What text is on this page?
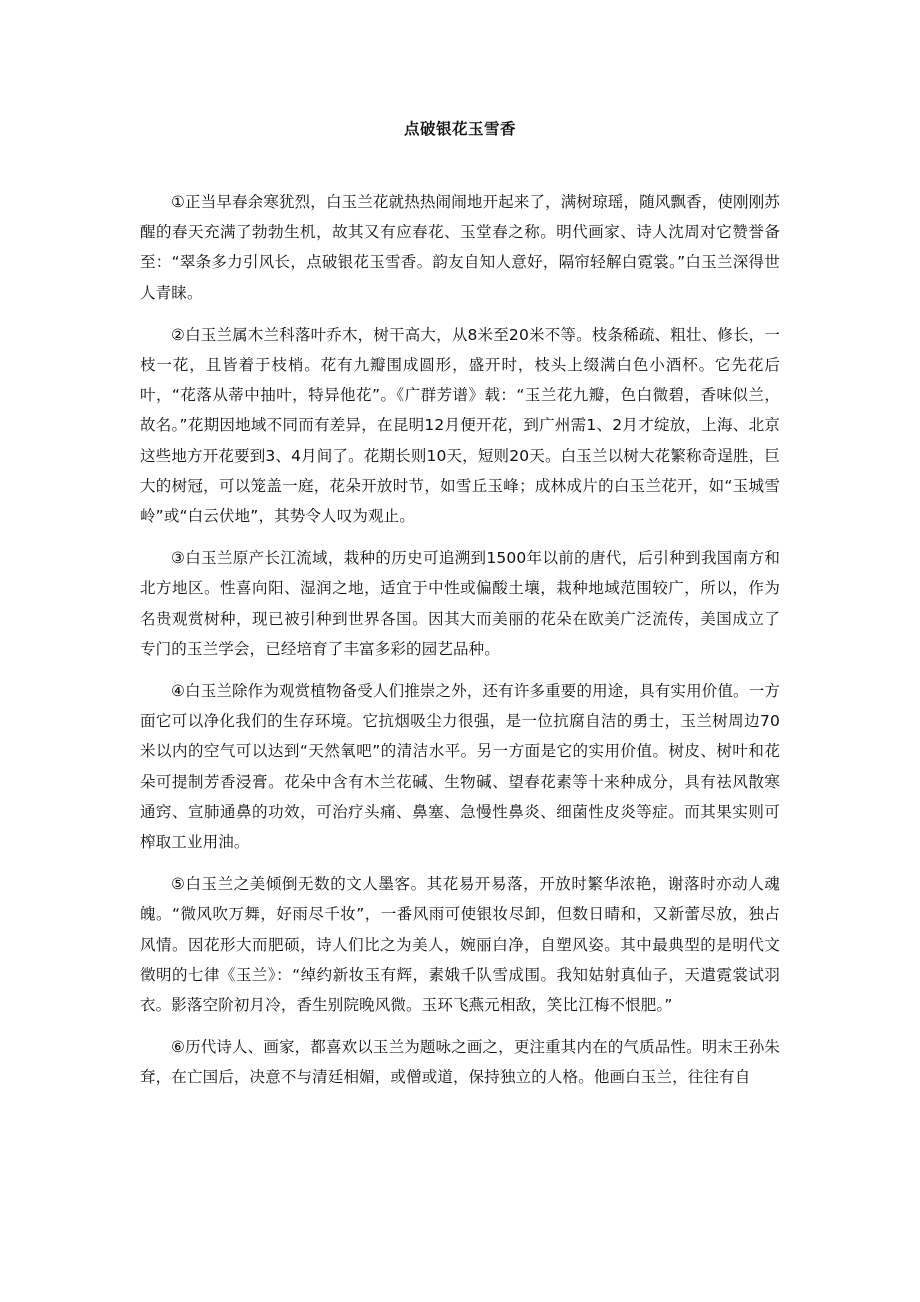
点破银花玉雪香

①正当早春余寒犹烈，白玉兰花就热热闹闹地开起来了，满树琼瑶，随风飘香，使刚刚苏醒的春天充满了勃勃生机，故其又有应春花、玉堂春之称。明代画家、诗人沈周对它赞誉备至：“翠条多力引风长，点破银花玉雪香。韵友自知人意好，隔帘轻解白霓裳。”白玉兰深得世人青睐。

②白玉兰属木兰科落叶乔木，树干高大，从8米至20米不等。枝条稀疏、粗壮、修长，一枝一花，且皆着于枝梢。花有九瓣围成圆形，盛开时，枝头上缀满白色小酒杯。它先花后叶，“花落从蒂中抽叶，特异他花”。《广群芳谱》载：“玉兰花九瓣，色白微碧，香味似兰，故名。”花期因地域不同而有差异，在昆明12月便开花，到广州需1、2月才绽放，上海、北京这些地方开花要到3、4月间了。花期长则10天，短则20天。白玉兰以树大花繁称奇逞胜，巨大的树冠，可以笼盖一庭，花朵开放时节，如雪丘玉峰；成林成片的白玉兰花开，如“玉城雪岭”或“白云伏地”，其势令人叹为观止。

③白玉兰原产长江流域，栽种的历史可追溯到1500年以前的唐代，后引种到我国南方和北方地区。性喜向阳、湿润之地，适宜于中性或偏酸土壤，栽种地域范围较广，所以，作为名贵观赏树种，现已被引种到世界各国。因其大而美丽的花朵在欧美广泛流传，美国成立了专门的玉兰学会，已经培育了丰富多彩的园艺品种。

④白玉兰除作为观赏植物备受人们推崇之外，还有许多重要的用途，具有实用价值。一方面它可以净化我们的生存环境。它抗烟吸尘力很强，是一位抗腐自洁的勇士，玉兰树周边70米以内的空气可以达到“天然氧吧”的清洁水平。另一方面是它的实用价值。树皮、树叶和花朵可提制芳香浸膏。花朵中含有木兰花碱、生物碱、望春花素等十来种成分，具有祛风散寒通窍、宣肺通鼻的功效，可治疗头痛、鼻塞、急慢性鼻炎、细菌性皮炎等症。而其果实则可榨取工业用油。

⑤白玉兰之美倾倒无数的文人墨客。其花易开易落，开放时繁华浓艳，谢落时亦动人魂魄。“微风吹万舞，好雨尽千妆”，一番风雨可使银妆尽卸，但数日晴和，又新蕾尽放，独占风情。因花形大而肥硕，诗人们比之为美人，婉丽白净，自塑风姿。其中最典型的是明代文徵明的七律《玉兰》：“绰约新妆玉有辉，素娥千队雪成围。我知姑射真仙子，天遣霓裳试羽衣。影落空阶初月冷，香生别院晚风微。玉环飞燕元相敌，笑比江梅不恨肥。”

⑥历代诗人、画家，都喜欢以玉兰为题咏之画之，更注重其内在的气质品性。明末王孙朱耷，在亡国后，决意不与清廷相媚，或僧或道，保持独立的人格。他画白玉兰，往往有自
